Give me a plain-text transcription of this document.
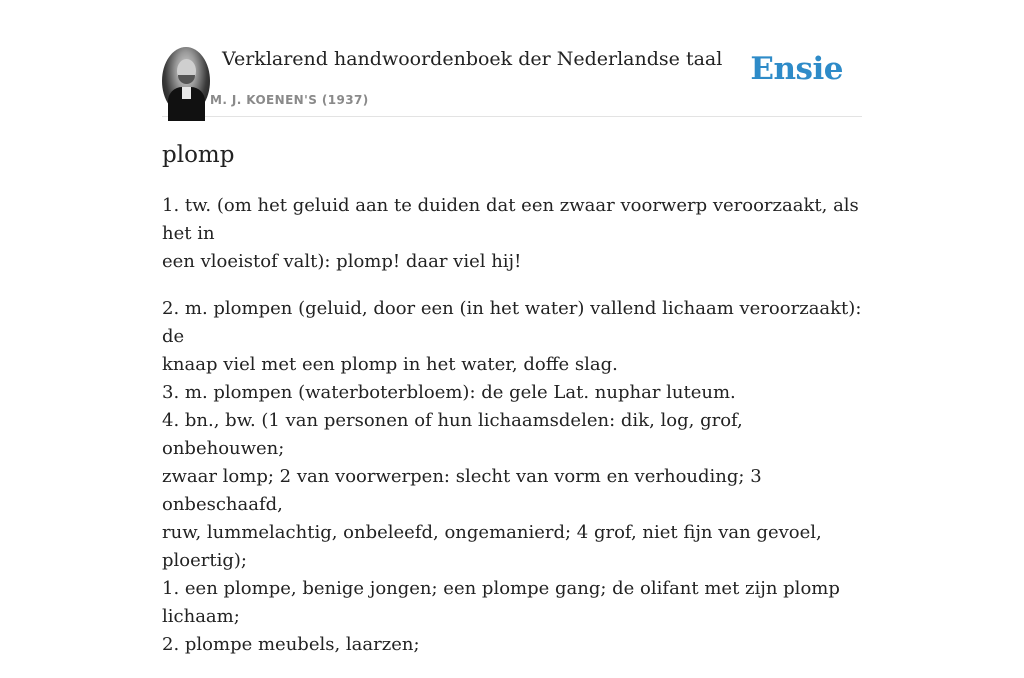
Verklarend handwoordenboek der Nederlandse taal
M. J. KOENEN'S (1937)
Ensie
plomp

1. tw. (om het geluid aan te duiden dat een zwaar voorwerp veroorzaakt, als het in
een vloeistof valt): plomp! daar viel hij!

2. m. plompen (geluid, door een (in het water) vallend lichaam veroorzaakt): de
knaap viel met een plomp in het water, doffe slag.
3. m. plompen (waterboterbloem): de gele Lat. nuphar luteum.
4. bn., bw. (1 van personen of hun lichaamsdelen: dik, log, grof, onbehouwen;
zwaar lomp; 2 van voorwerpen: slecht van vorm en verhouding; 3 onbeschaafd,
ruw, lummelachtig, onbeleefd, ongemanierd; 4 grof, niet fijn van gevoel, ploertig);
1. een plompe, benige jongen; een plompe gang; de olifant met zijn plomp
lichaam;
2. plompe meubels, laarzen;
